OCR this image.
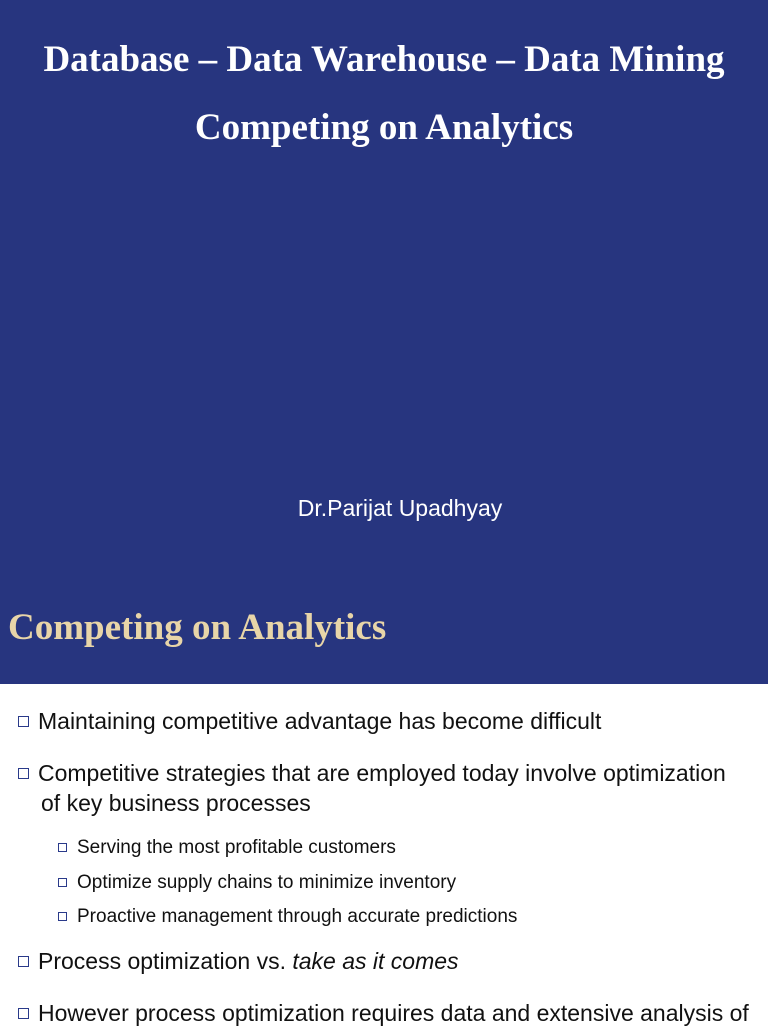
Database – Data Warehouse – Data Mining
Competing on Analytics
Dr.Parijat Upadhyay
Competing on Analytics
Maintaining competitive advantage has become difficult
Competitive strategies that are employed today involve optimization
of key business processes
Serving the most profitable customers
Optimize supply chains to minimize inventory
Proactive management through accurate predictions
Process optimization vs. take as it comes
However process optimization requires data and extensive analysis of
